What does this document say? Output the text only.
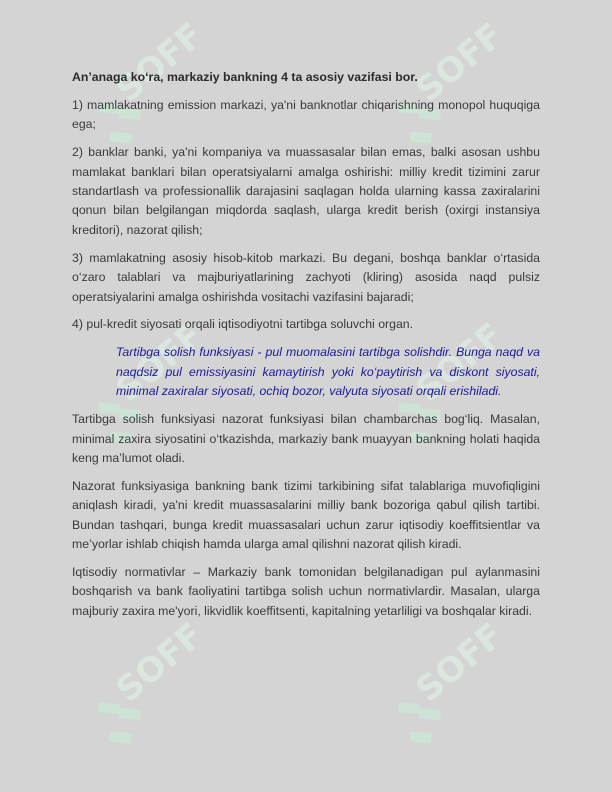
SOFF	SOFF
SOFF	SOFF
SOFF	SOFF

An’anaga ko‘ra, markaziy bankning 4 ta asosiy vazifasi bor.

1) mamlakatning emission markazi, ya'ni banknotlar chiqarishning monopol huquqiga ega;

2) banklar banki, ya'ni kompaniya va muassasalar bilan emas, balki asosan ushbu mamlakat banklari bilan operatsiyalarni amalga oshirishi: milliy kredit tizimini zarur standartlash va professionallik darajasini saqlagan holda ularning kassa zaxiralarini qonun bilan belgilangan miqdorda saqlash, ularga kredit berish (oxirgi instansiya kreditori), nazorat qilish;

3) mamlakatning asosiy hisob-kitob markazi. Bu degani, boshqa banklar o‘rtasida o‘zaro talablari va majburiyatlarining zachyoti (kliring) asosida naqd pulsiz operatsiyalarini amalga oshirishda vositachi vazifasini bajaradi;

4) pul-kredit siyosati orqali iqtisodiyotni tartibga soluvchi organ.

Tartibga solish funksiyasi - pul muomalasini tartibga solishdir. Bunga naqd va naqdsiz pul emissiyasini kamaytirish yoki ko‘paytirish va diskont siyosati, minimal zaxiralar siyosati, ochiq bozor, valyuta siyosati orqali erishiladi.

Tartibga solish funksiyasi nazorat funksiyasi bilan chambarchas bog‘liq. Masalan, minimal zaxira siyosatini o‘tkazishda, markaziy bank muayyan bankning holati haqida keng ma’lumot oladi.

Nazorat funksiyasiga bankning bank tizimi tarkibining sifat talablariga muvofiqligini aniqlash kiradi, ya'ni kredit muassasalarini milliy bank bozoriga qabul qilish tartibi. Bundan tashqari, bunga kredit muassasalari uchun zarur iqtisodiy koeffitsientlar va me’yorlar ishlab chiqish hamda ularga amal qilishni nazorat qilish kiradi.

Iqtisodiy normativlar – Markaziy bank tomonidan belgilanadigan pul aylanmasini boshqarish va bank faoliyatini tartibga solish uchun normativlardir. Masalan, ularga majburiy zaxira me'yori, likvidlik koeffitsenti, kapitalning yetarliligi va boshqalar kiradi.
